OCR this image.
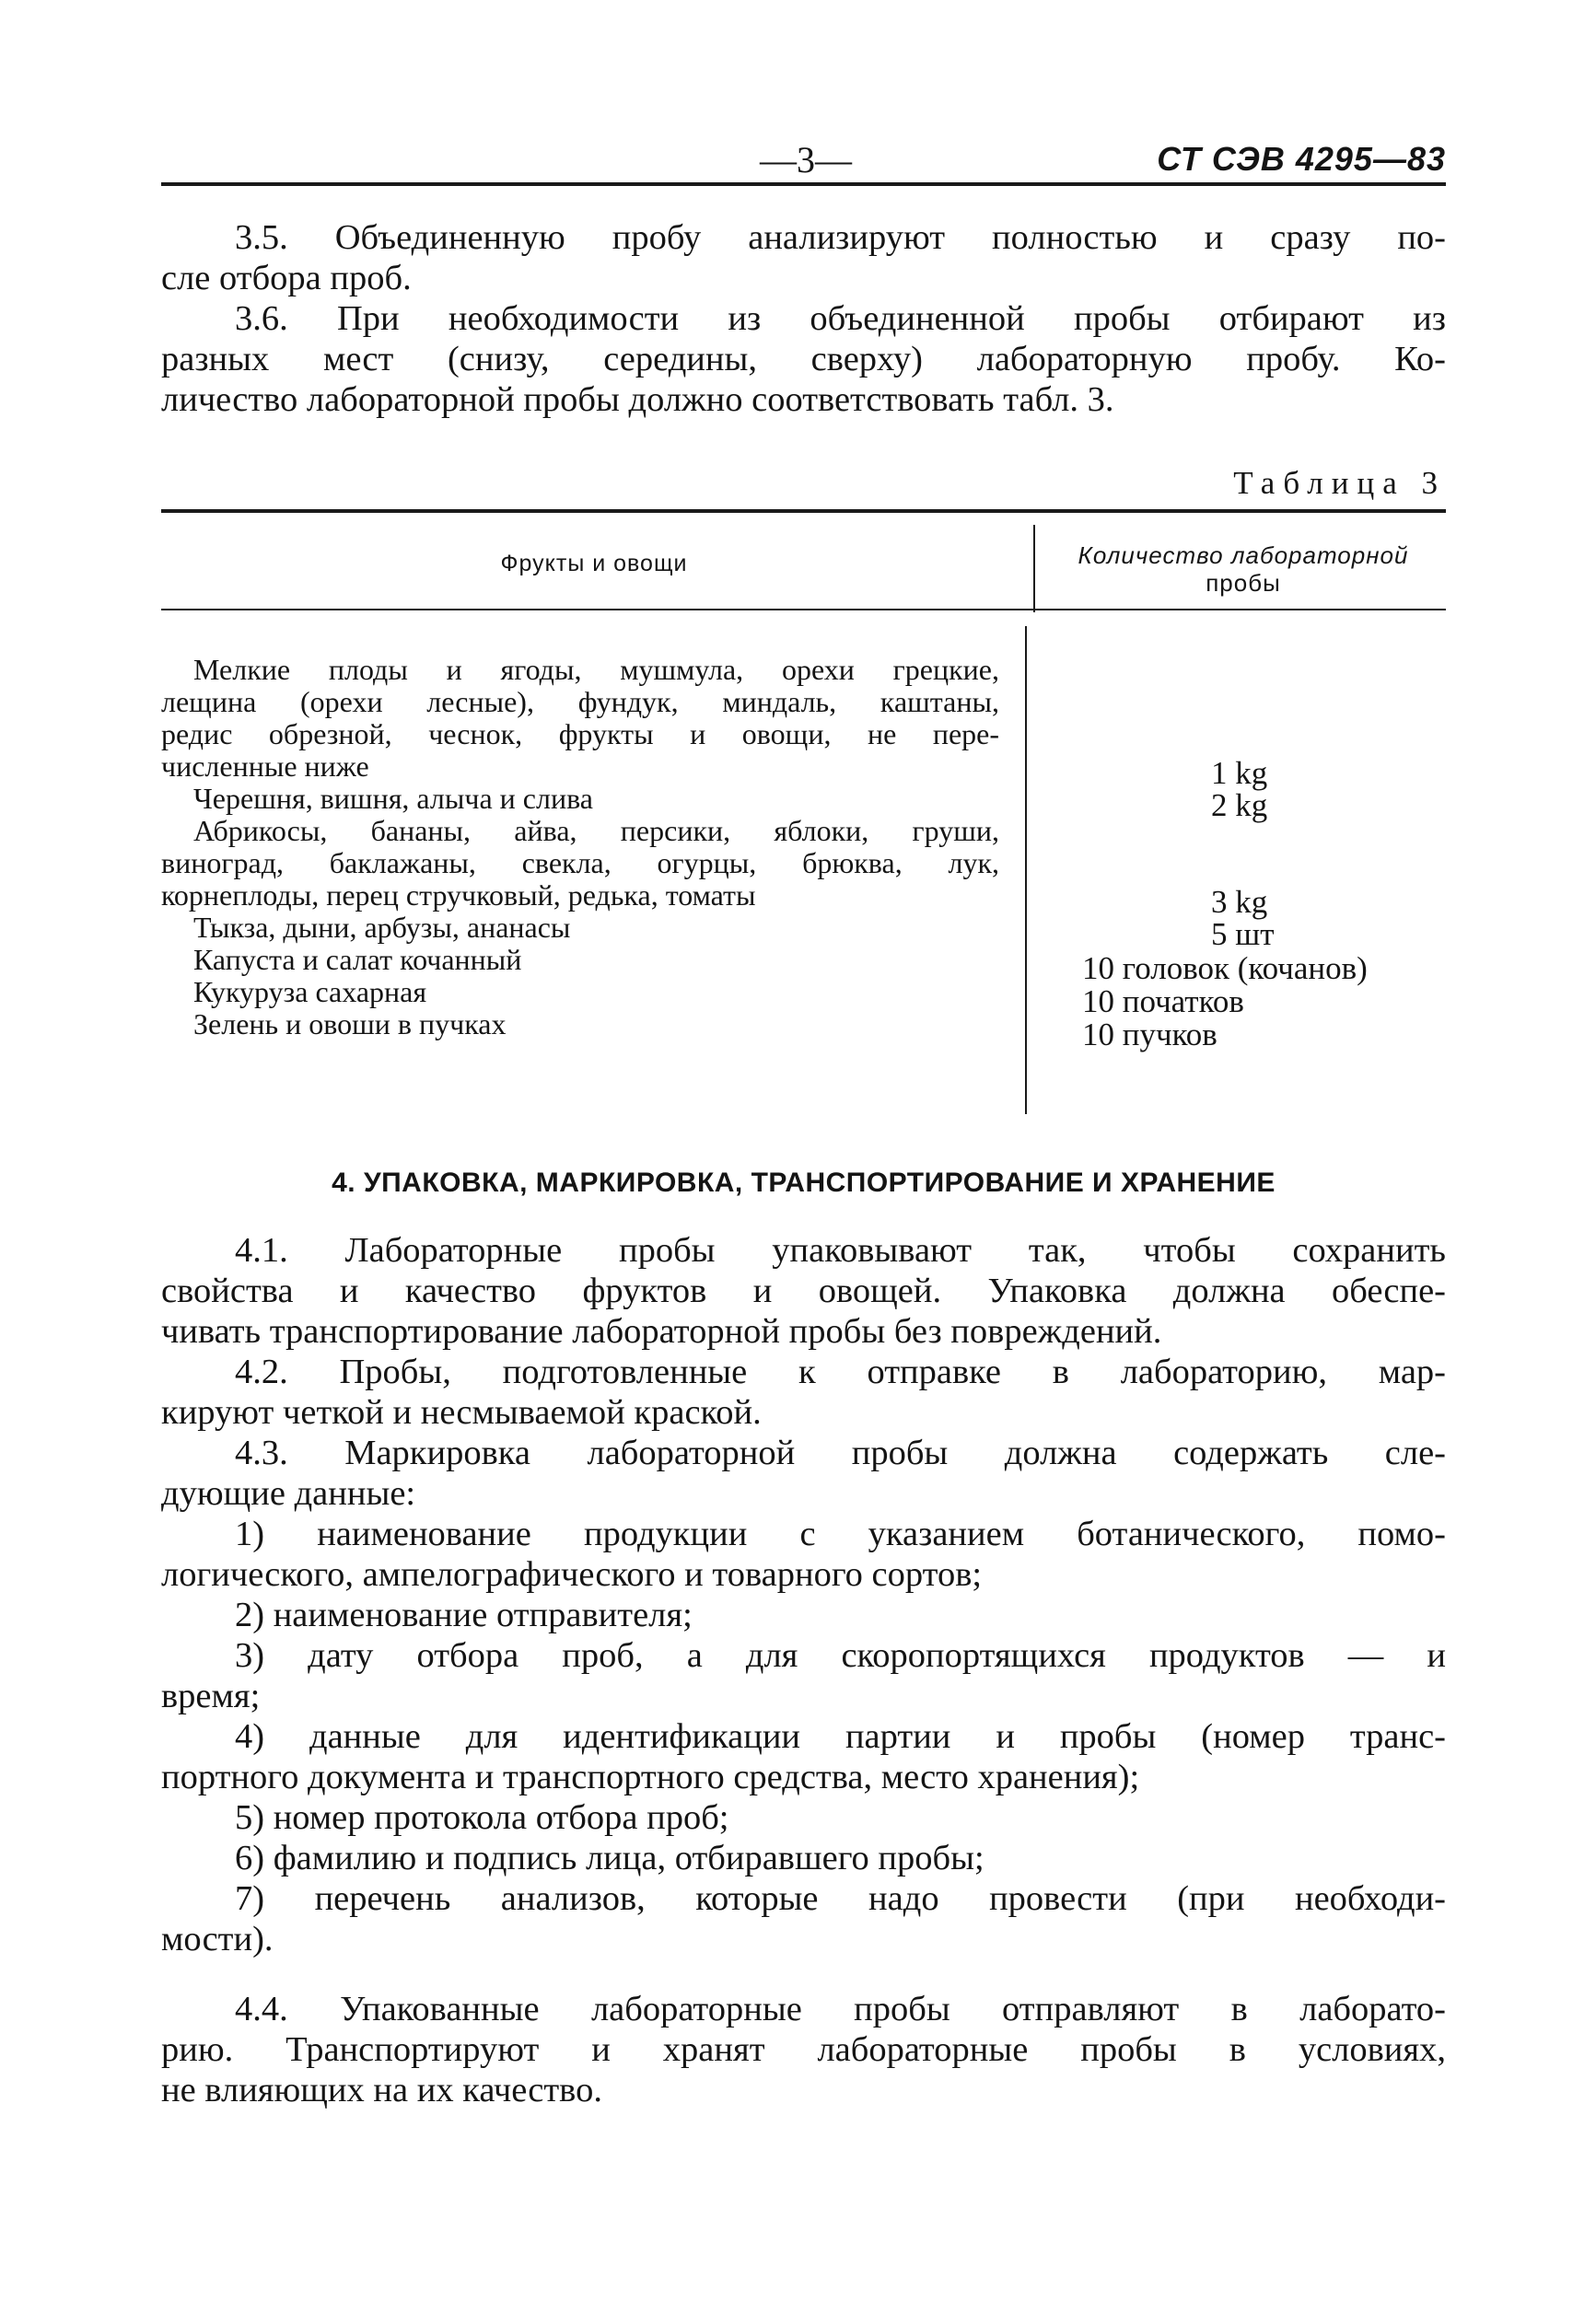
—3—	СТ СЭВ 4295—83
3.5. Объединенную пробу анализируют полностью и сразу по-
сле отбора проб.
3.6. При необходимости из объединенной пробы отбирают из
разных мест (снизу, середины, сверху) лабораторную пробу. Ко-
личество лабораторной пробы должно соответствовать табл. 3.
Таблица 3
Фрукты и овощи	Количество лабораторной
пробы
Мелкие плоды и ягоды, мушмула, орехи грецкие,
лещина (орехи лесные), фундук, миндаль, каштаны,
редис обрезной, чеснок, фрукты и овощи, не пере-
численные ниже
Черешня, вишня, алыча и слива
Абрикосы, бананы, айва, персики, яблоки, груши,
виноград, баклажаны, свекла, огурцы, брюква, лук,
корнеплоды, перец стручковый, редька, томаты
Тыкза, дыни, арбузы, ананасы
Капуста и салат кочанный
Кукуруза сахарная
Зелень и овоши в пучках
1 kg
2 kg
3 kg
5 шт
10 головок (кочанов)
10 початков
10 пучков
4. УПАКОВКА, МАРКИРОВКА, ТРАНСПОРТИРОВАНИЕ И ХРАНЕНИЕ
4.1. Лабораторные пробы упаковывают так, чтобы сохранить
свойства и качество фруктов и овощей. Упаковка должна обеспе-
чивать транспортирование лабораторной пробы без повреждений.
4.2. Пробы, подготовленные к отправке в лабораторию, мар-
кируют четкой и несмываемой краской.
4.3. Маркировка лабораторной пробы должна содержать сле-
дующие данные:
1) наименование продукции с указанием ботанического, помо-
логического, ампелографического и товарного сортов;
2) наименование отправителя;
3) дату отбора проб, а для скоропортящихся продуктов — и
время;
4) данные для идентификации партии и пробы (номер транс-
портного документа и транспортного средства, место хранения);
5) номер протокола отбора проб;
6) фамилию и подпись лица, отбиравшего пробы;
7) перечень анализов, которые надо провести (при необходи-
мости).
4.4. Упакованные лабораторные пробы отправляют в лаборато-
рию. Транспортируют и хранят лабораторные пробы в условиях,
не влияющих на их качество.
